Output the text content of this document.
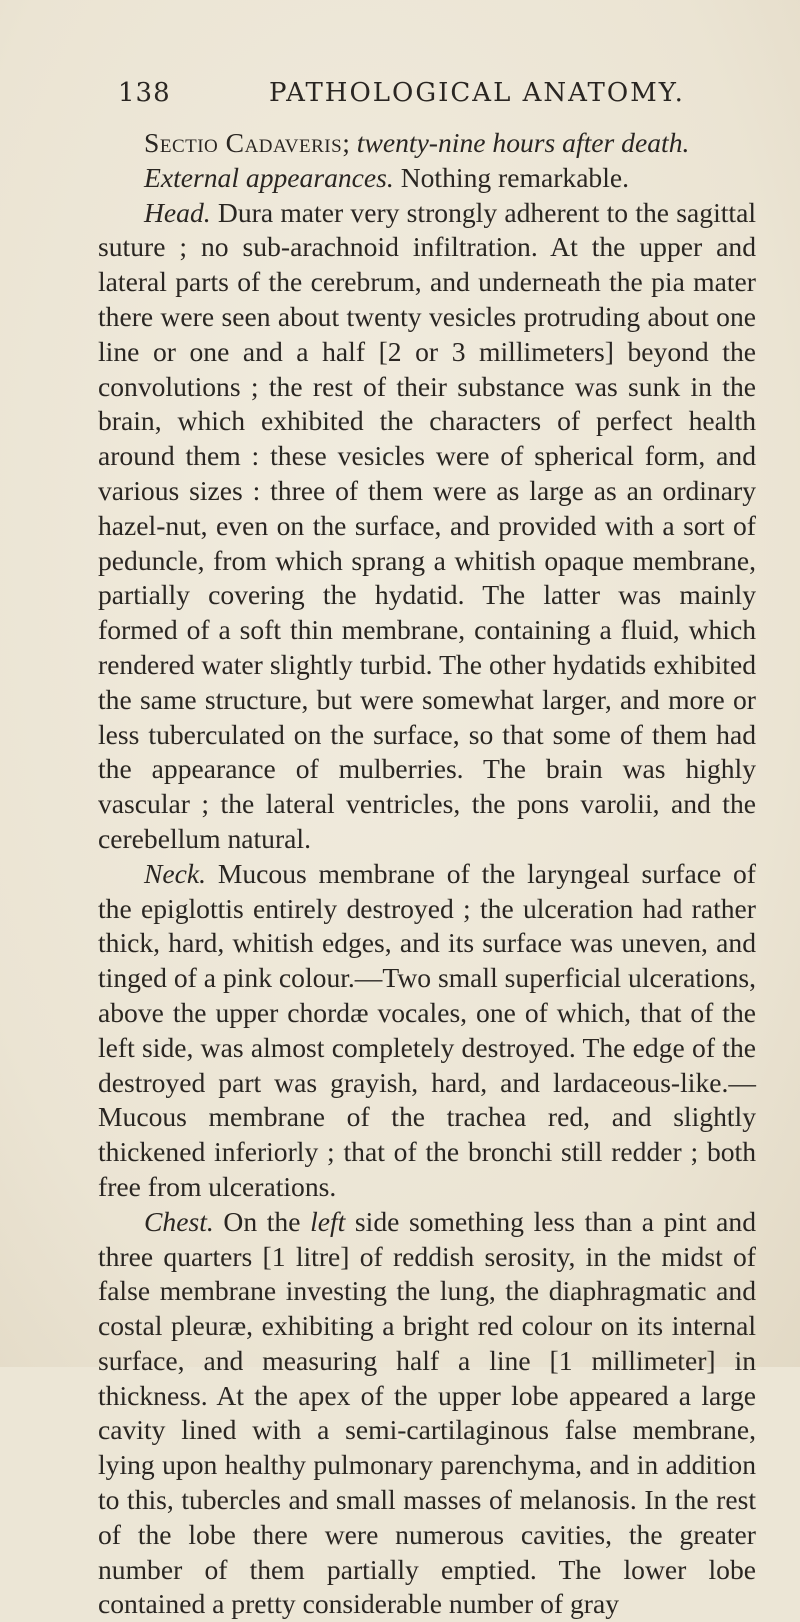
138	PATHOLOGICAL ANATOMY.

Sectio Cadaveris; twenty-nine hours after death.

External appearances. Nothing remarkable.

Head. Dura mater very strongly adherent to the sagittal suture ; no sub-arachnoid infiltration. At the upper and lateral parts of the cerebrum, and underneath the pia mater there were seen about twenty vesicles protruding about one line or one and a half [2 or 3 millimeters] beyond the convolutions ; the rest of their substance was sunk in the brain, which exhibited the characters of perfect health around them : these vesicles were of spherical form, and various sizes : three of them were as large as an ordinary hazel-nut, even on the surface, and provided with a sort of peduncle, from which sprang a whitish opaque membrane, partially covering the hydatid. The latter was mainly formed of a soft thin membrane, containing a fluid, which rendered water slightly turbid. The other hydatids exhibited the same structure, but were somewhat larger, and more or less tuberculated on the surface, so that some of them had the appearance of mulberries. The brain was highly vascular ; the lateral ventricles, the pons varolii, and the cerebellum natural.

Neck. Mucous membrane of the laryngeal surface of the epiglottis entirely destroyed ; the ulceration had rather thick, hard, whitish edges, and its surface was uneven, and tinged of a pink colour.—Two small superficial ulcerations, above the upper chordæ vocales, one of which, that of the left side, was almost completely destroyed. The edge of the destroyed part was grayish, hard, and lardaceous-like.—Mucous membrane of the trachea red, and slightly thickened inferiorly ; that of the bronchi still redder ; both free from ulcerations.

Chest. On the left side something less than a pint and three quarters [1 litre] of reddish serosity, in the midst of false membrane investing the lung, the diaphragmatic and costal pleuræ, exhibiting a bright red colour on its internal surface, and measuring half a line [1 millimeter] in thickness. At the apex of the upper lobe appeared a large cavity lined with a semi-cartilaginous false membrane, lying upon healthy pulmonary parenchyma, and in addition to this, tubercles and small masses of melanosis. In the rest of the lobe there were numerous cavities, the greater number of them partially emptied. The lower lobe contained a pretty considerable number of gray
